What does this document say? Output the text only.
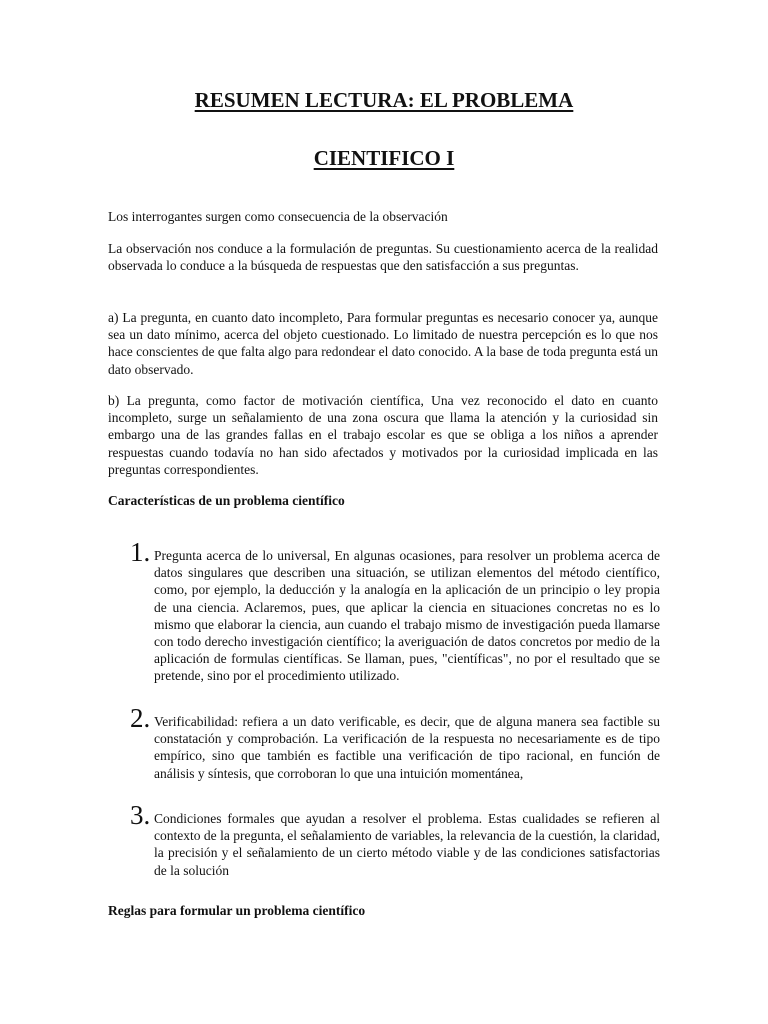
RESUMEN LECTURA: EL PROBLEMA
CIENTIFICO I

Los interrogantes surgen como consecuencia de la observación

La observación nos conduce a la formulación de preguntas. Su cuestionamiento acerca de la realidad observada lo conduce a la búsqueda de respuestas que den satisfacción a sus preguntas.

a) La pregunta, en cuanto dato incompleto, Para formular preguntas es necesario conocer ya, aunque sea un dato mínimo, acerca del objeto cuestionado. Lo limitado de nuestra percepción es lo que nos hace conscientes de que falta algo para redondear el dato conocido. A la base de toda pregunta está un dato observado.

b) La pregunta, como factor de motivación científica, Una vez reconocido el dato en cuanto incompleto, surge un señalamiento de una zona oscura que llama la atención y la curiosidad sin embargo una de las grandes fallas en el trabajo escolar es que se obliga a los niños a aprender respuestas cuando todavía no han sido afectados y motivados por la curiosidad implicada en las preguntas correspondientes.

Características de un problema científico

1. Pregunta acerca de lo universal, En algunas ocasiones, para resolver un problema acerca de datos singulares que describen una situación, se utilizan elementos del método científico, como, por ejemplo, la deducción y la analogía en la aplicación de un principio o ley propia de una ciencia. Aclaremos, pues, que aplicar la ciencia en situaciones concretas no es lo mismo que elaborar la ciencia, aun cuando el trabajo mismo de investigación pueda llamarse con todo derecho investigación científico; la averiguación de datos concretos por medio de la aplicación de formulas científicas. Se llaman, pues, "científicas", no por el resultado que se pretende, sino por el procedimiento utilizado.

2. Verificabilidad: refiera a un dato verificable, es decir, que de alguna manera sea factible su constatación y comprobación. La verificación de la respuesta no necesariamente es de tipo empírico, sino que también es factible una verificación de tipo racional, en función de análisis y síntesis, que corroboran lo que una intuición momentánea,

3. Condiciones formales que ayudan a resolver el problema. Estas cualidades se refieren al contexto de la pregunta, el señalamiento de variables, la relevancia de la cuestión, la claridad, la precisión y el señalamiento de un cierto método viable y de las condiciones satisfactorias de la solución

Reglas para formular un problema científico
